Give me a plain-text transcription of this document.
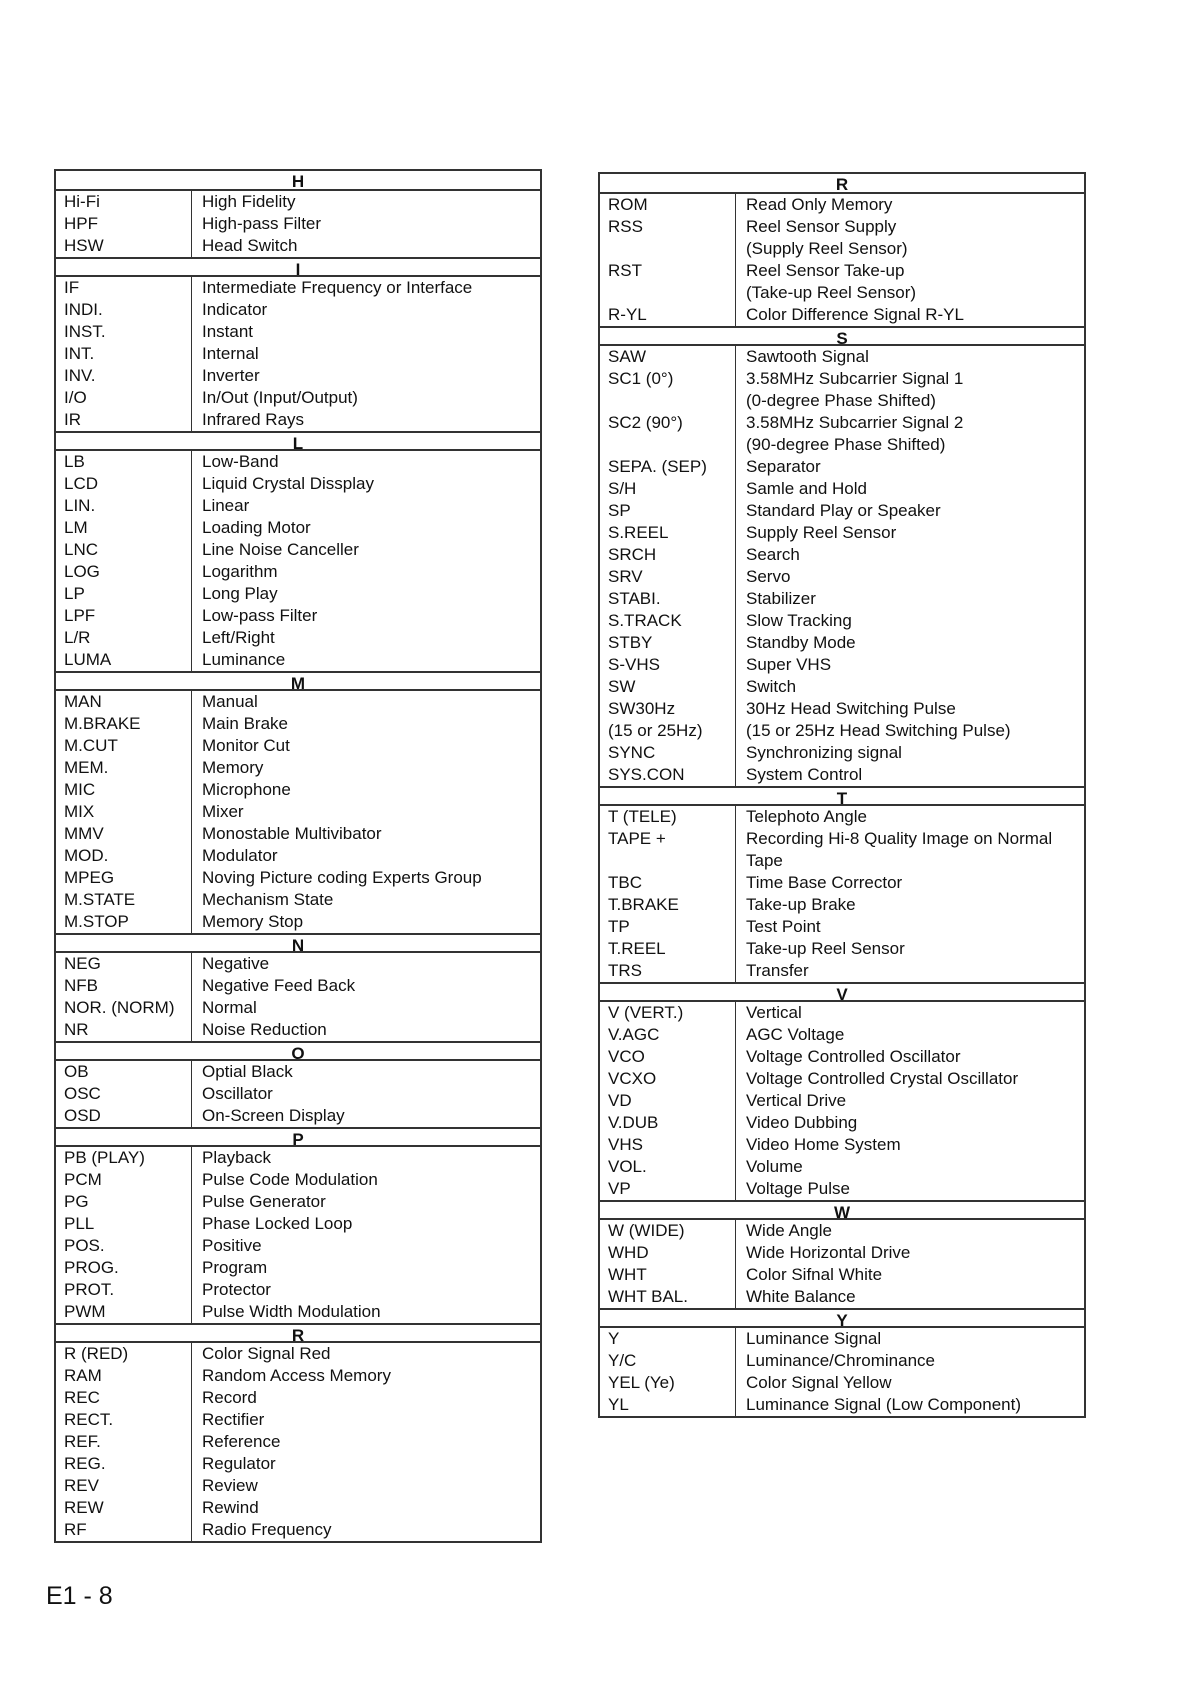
H
Hi-Fi
HPF
HSW
High Fidelity
High-pass Filter
Head Switch
I
IF
INDI.
INST.
INT.
INV.
I/O
IR
Intermediate Frequency or Interface
Indicator
Instant
Internal
Inverter
In/Out (Input/Output)
Infrared Rays
L
LB
LCD
LIN.
LM
LNC
LOG
LP
LPF
L/R
LUMA
Low-Band
Liquid Crystal Dissplay
Linear
Loading Motor
Line Noise Canceller
Logarithm
Long Play
Low-pass Filter
Left/Right
Luminance
M
MAN
M.BRAKE
M.CUT
MEM.
MIC
MIX
MMV
MOD.
MPEG
M.STATE
M.STOP
Manual
Main Brake
Monitor Cut
Memory
Microphone
Mixer
Monostable Multivibator
Modulator
Noving Picture coding Experts Group
Mechanism State
Memory Stop
N
NEG
NFB
NOR. (NORM)
NR
Negative
Negative Feed Back
Normal
Noise Reduction
O
OB
OSC
OSD
Optial Black
Oscillator
On-Screen Display
P
PB (PLAY)
PCM
PG
PLL
POS.
PROG.
PROT.
PWM
Playback
Pulse Code Modulation
Pulse Generator
Phase Locked Loop
Positive
Program
Protector
Pulse Width Modulation
R
R (RED)
RAM
REC
RECT.
REF.
REG.
REV
REW
RF
Color Signal Red
Random Access Memory
Record
Rectifier
Reference
Regulator
Review
Rewind
Radio Frequency
R
ROM
RSS
RST
R-YL
Read Only Memory
Reel Sensor Supply
(Supply Reel Sensor)
Reel Sensor Take-up
(Take-up Reel Sensor)
Color Difference Signal R-YL
S
SAW
SC1 (0°)
SC2 (90°)
SEPA. (SEP)
S/H
SP
S.REEL
SRCH
SRV
STABI.
S.TRACK
STBY
S-VHS
SW
SW30Hz
(15 or 25Hz)
SYNC
SYS.CON
Sawtooth Signal
3.58MHz Subcarrier Signal 1
(0-degree Phase Shifted)
3.58MHz Subcarrier Signal 2
(90-degree Phase Shifted)
Separator
Samle and Hold
Standard Play or Speaker
Supply Reel Sensor
Search
Servo
Stabilizer
Slow Tracking
Standby Mode
Super VHS
Switch
30Hz Head Switching Pulse
(15 or 25Hz Head Switching Pulse)
Synchronizing signal
System Control
T
T (TELE)
TAPE +
TBC
T.BRAKE
TP
T.REEL
TRS
Telephoto Angle
Recording Hi-8 Quality Image on Normal
Tape
Time Base Corrector
Take-up Brake
Test Point
Take-up Reel Sensor
Transfer
V
V (VERT.)
V.AGC
VCO
VCXO
VD
V.DUB
VHS
VOL.
VP
Vertical
AGC Voltage
Voltage Controlled Oscillator
Voltage Controlled Crystal Oscillator
Vertical Drive
Video Dubbing
Video Home System
Volume
Voltage Pulse
W
W (WIDE)
WHD
WHT
WHT BAL.
Wide Angle
Wide Horizontal Drive
Color Sifnal White
White Balance
Y
Y
Y/C
YEL (Ye)
YL
Luminance Signal
Luminance/Chrominance
Color Signal Yellow
Luminance Signal (Low Component)
E1 - 8
